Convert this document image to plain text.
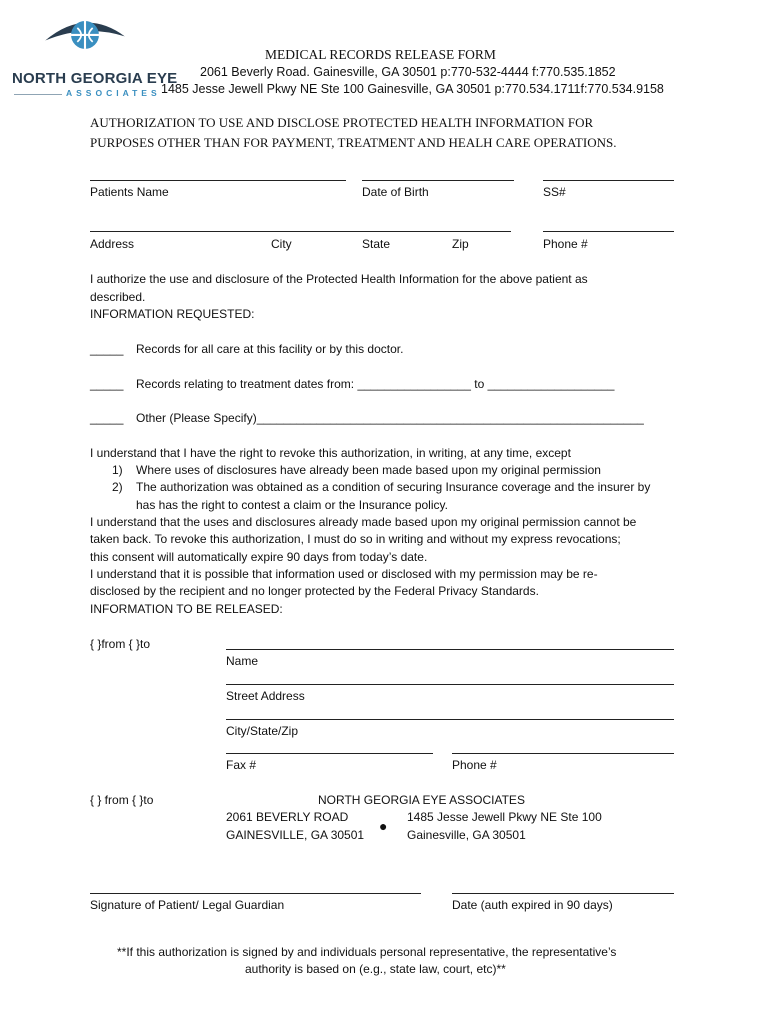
NORTH GEORGIA EYE
ASSOCIATES
MEDICAL RECORDS RELEASE FORM
2061 Beverly Road. Gainesville, GA 30501 p:770-532-4444 f:770.535.1852
1485 Jesse Jewell Pkwy NE Ste 100 Gainesville, GA 30501 p:770.534.1711f:770.534.9158
AUTHORIZATION TO USE AND DISCLOSE PROTECTED HEALTH INFORMATION FOR
PURPOSES OTHER THAN FOR PAYMENT, TREATMENT AND HEALH CARE OPERATIONS.
Patients Name	Date of Birth	SS#
Address	City	State	Zip	Phone #
I authorize the use and disclosure of the Protected Health Information for the above patient as
described.
INFORMATION REQUESTED:
_____ Records for all care at this facility or by this doctor.
_____ Records relating to treatment dates from: _________________ to ___________________
_____ Other (Please Specify)__________________________________________________________
I understand that I have the right to revoke this authorization, in writing, at any time, except
1) Where uses of disclosures have already been made based upon my original permission
2) The authorization was obtained as a condition of securing Insurance coverage and the insurer by
has has the right to contest a claim or the Insurance policy.
I understand that the uses and disclosures already made based upon my original permission cannot be
taken back. To revoke this authorization, I must do so in writing and without my express revocations;
this consent will automatically expire 90 days from today’s date.
I understand that it is possible that information used or disclosed with my permission may be re-
disclosed by the recipient and no longer protected by the Federal Privacy Standards.
INFORMATION TO BE RELEASED:
{ }from { }to
Name
Street Address
City/State/Zip
Fax #	Phone #
{ } from { }to	NORTH GEORGIA EYE ASSOCIATES
2061 BEVERLY ROAD
GAINESVILLE, GA 30501
●
1485 Jesse Jewell Pkwy NE Ste 100
Gainesville, GA 30501
Signature of Patient/ Legal Guardian	Date (auth expired in 90 days)
**If this authorization is signed by and individuals personal representative, the representative’s
authority is based on (e.g., state law, court, etc)**
